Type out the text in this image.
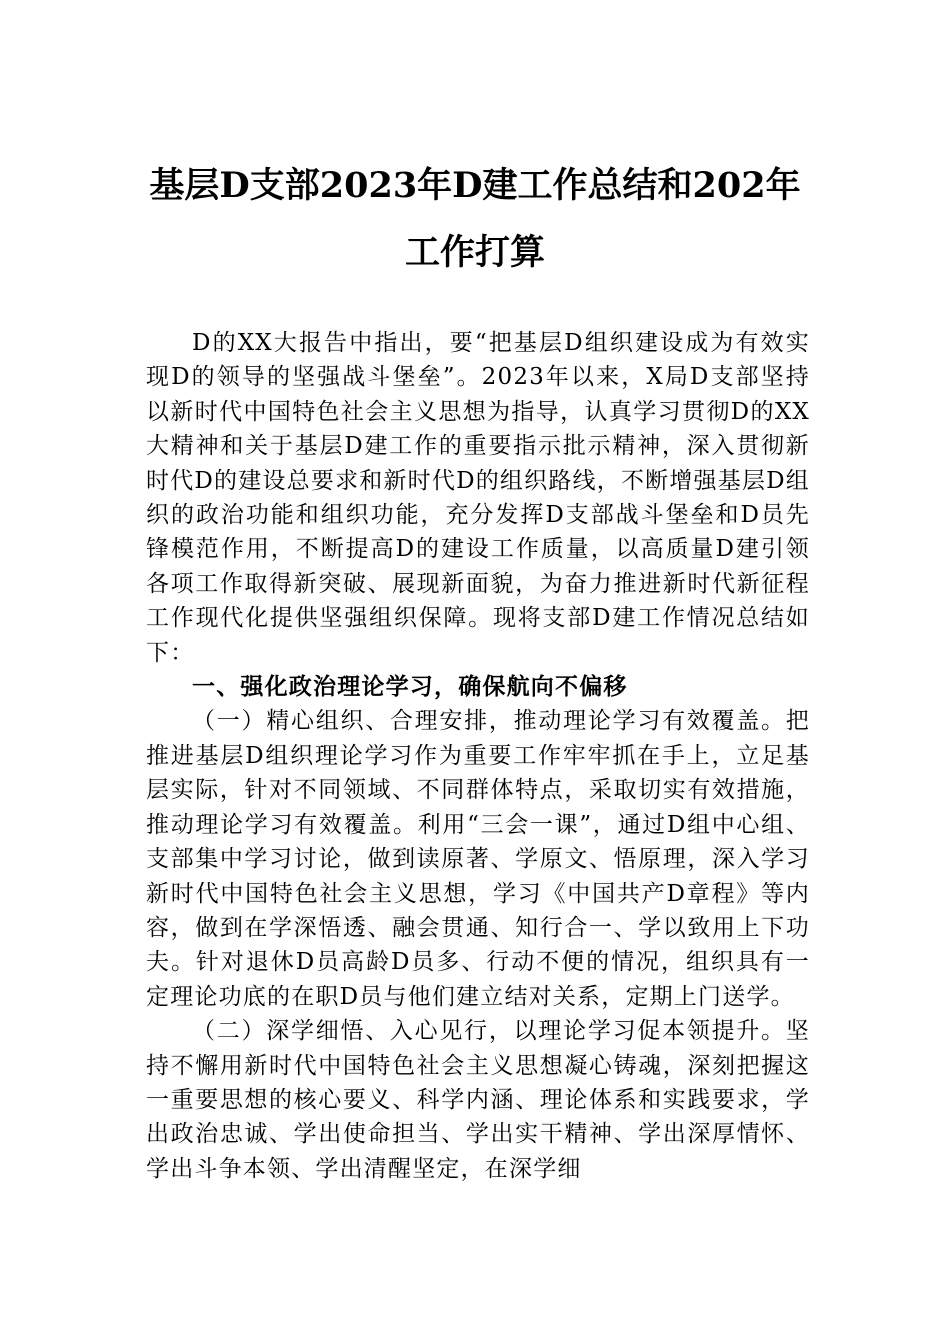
基层D支部2023年D建工作总结和202年
工作打算

D的XX大报告中指出，要“把基层D组织建设成为有效实现D的领导的坚强战斗堡垒”。2023年以来，X局D支部坚持以新时代中国特色社会主义思想为指导，认真学习贯彻D的XX大精神和关于基层D建工作的重要指示批示精神，深入贯彻新时代D的建设总要求和新时代D的组织路线，不断增强基层D组织的政治功能和组织功能，充分发挥D支部战斗堡垒和D员先锋模范作用，不断提高D的建设工作质量，以高质量D建引领各项工作取得新突破、展现新面貌，为奋力推进新时代新征程工作现代化提供坚强组织保障。现将支部D建工作情况总结如下：

一、强化政治理论学习，确保航向不偏移

（一）精心组织、合理安排，推动理论学习有效覆盖。把推进基层D组织理论学习作为重要工作牢牢抓在手上，立足基层实际，针对不同领域、不同群体特点，采取切实有效措施，推动理论学习有效覆盖。利用“三会一课”，通过D组中心组、支部集中学习讨论，做到读原著、学原文、悟原理，深入学习新时代中国特色社会主义思想，学习《中国共产D章程》等内容，做到在学深悟透、融会贯通、知行合一、学以致用上下功夫。针对退休D员高龄D员多、行动不便的情况，组织具有一定理论功底的在职D员与他们建立结对关系，定期上门送学。

（二）深学细悟、入心见行，以理论学习促本领提升。坚持不懈用新时代中国特色社会主义思想凝心铸魂，深刻把握这一重要思想的核心要义、科学内涵、理论体系和实践要求，学出政治忠诚、学出使命担当、学出实干精神、学出深厚情怀、学出斗争本领、学出清醒坚定，在深学细
